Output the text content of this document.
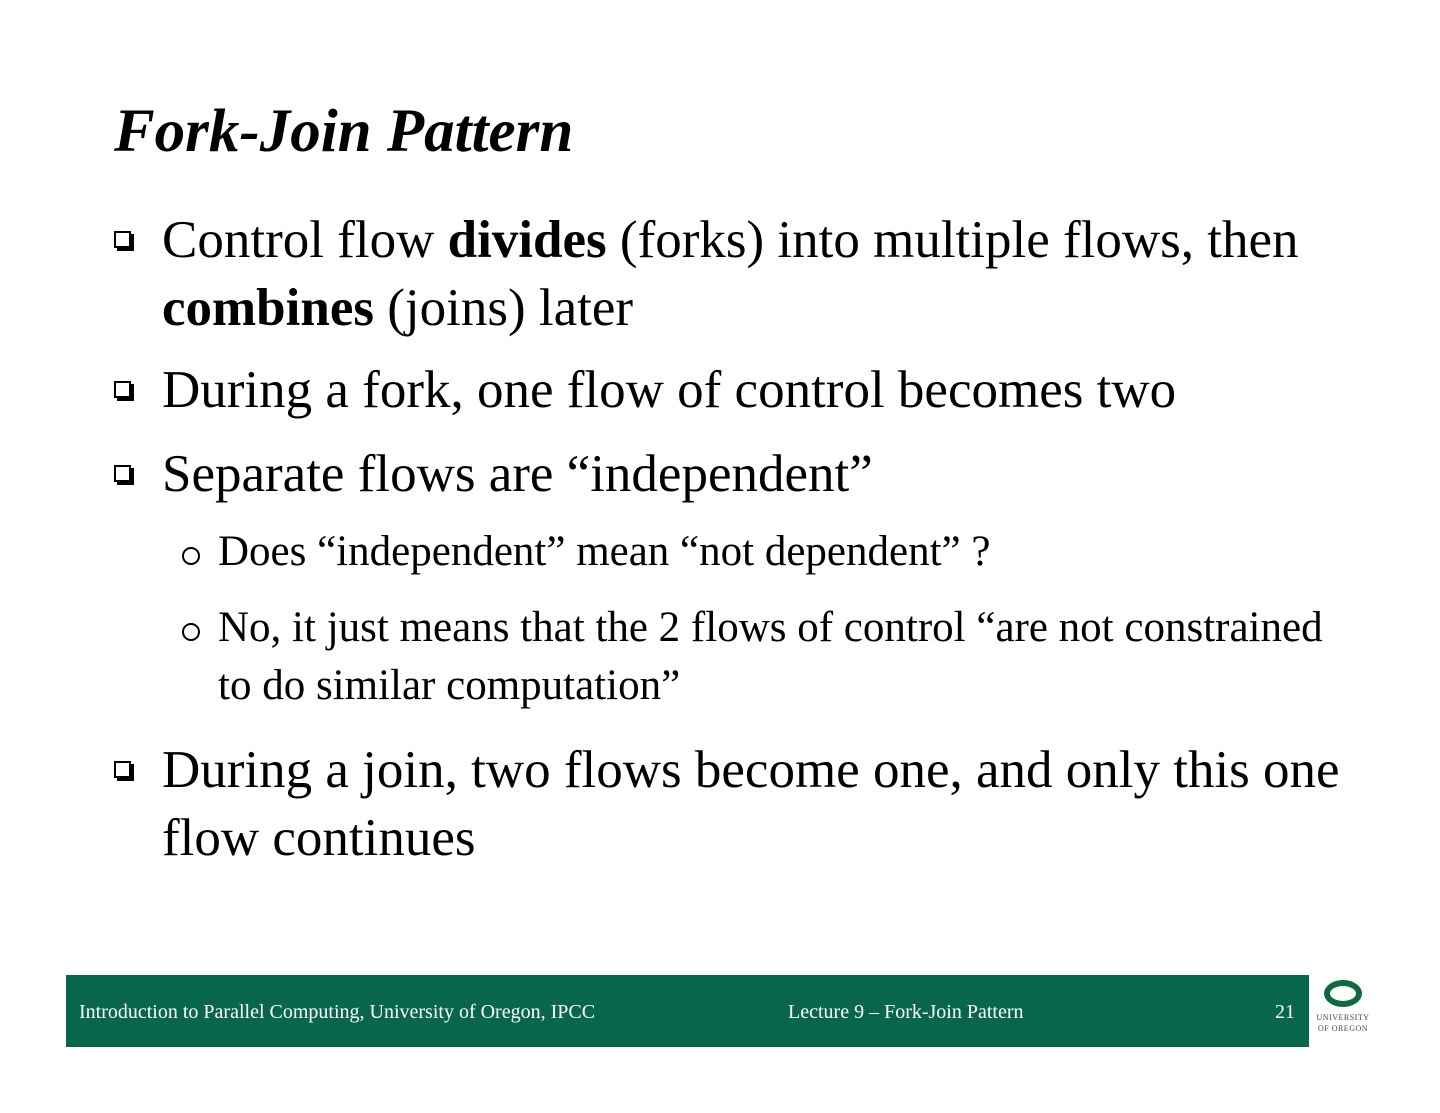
Fork-Join Pattern
Control flow divides (forks) into multiple flows, then combines (joins) later
During a fork, one flow of control becomes two
Separate flows are “independent”
Does “independent” mean “not dependent” ?
No, it just means that the 2 flows of control “are not constrained to do similar computation”
During a join, two flows become one, and only this one flow continues
Introduction to Parallel Computing, University of Oregon, IPCC	Lecture 9 – Fork-Join Pattern	21	UNIVERSITY
OF OREGON
